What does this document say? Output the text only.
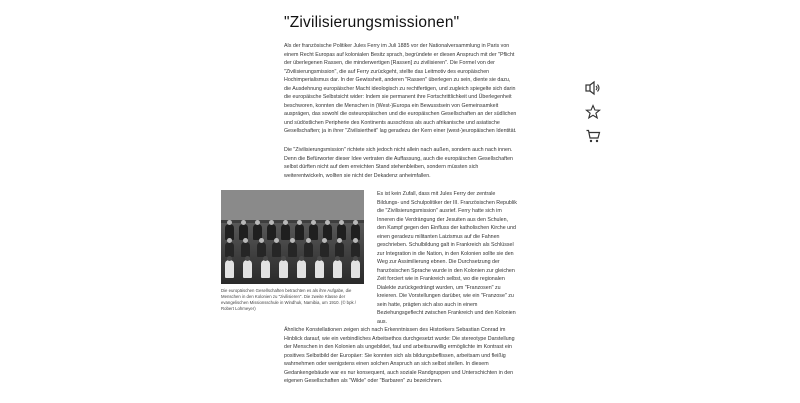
"Zivilisierungsmissionen"

Als der französische Politiker Jules Ferry im Juli 1885 vor der Nationalversammlung in Paris von einem Recht Europas auf kolonialen Besitz sprach, begründete er diesen Anspruch mit der "Pflicht der überlegenen Rassen, die minderwertigen [Rassen] zu zivilisieren". Die Formel von der "Zivilisierungsmission", die auf Ferry zurückgeht, stellte das Leitmotiv des europäischen Hochimperialismus dar. In der Gewissheit, anderen "Rassen" überlegen zu sein, diente sie dazu, die Ausdehnung europäischer Macht ideologisch zu rechtfertigen, und zugleich spiegelte sich darin die europäische Selbstsicht wider: Indem sie permanent ihre Fortschrittlichkeit und Überlegenheit beschworen, konnten die Menschen in (West-)Europa ein Bewusstsein von Gemeinsamkeit ausprägen, das sowohl die osteuropäischen und die europäischen Gesellschaften an der südlichen und südöstlichen Peripherie des Kontinents ausschloss als auch afrikanische und asiatische Gesellschaften; ja in ihrer "Zivilisiertheit" lag geradezu der Kern einer (west-)europäischen Identität.

Die "Zivilisierungsmission" richtete sich jedoch nicht allein nach außen, sondern auch nach innen. Denn die Befürworter dieser Idee vertraten die Auffassung, auch die europäischen Gesellschaften selbst dürften nicht auf dem erreichten Stand stehenbleiben, sondern müssten sich weiterentwickeln, wollten sie nicht der Dekadenz anheimfallen.

Die europäischen Gesellschaften betrachten es als ihre Aufgabe, die Menschen in den Kolonien zu "zivilisieren". Die zweite Klasse der evangelischen Missionsschule in Windhuk, Namibia, um 1910. (© bpk / Robert Lohmeyer)

Es ist kein Zufall, dass mit Jules Ferry der zentrale Bildungs- und Schulpolitiker der III. Französischen Republik die "Zivilisierungsmission" ausrief. Ferry hatte sich im Inneren die Verdrängung der Jesuiten aus den Schulen, den Kampf gegen den Einfluss der katholischen Kirche und einen geradezu militanten Laizismus auf die Fahnen geschrieben. Schulbildung galt in Frankreich als Schlüssel zur Integration in die Nation, in den Kolonien sollte sie den Weg zur Assimilierung ebnen. Die Durchsetzung der französischen Sprache wurde in den Kolonien zur gleichen Zeit forciert wie in Frankreich selbst, wo die regionalen Dialekte zurückgedrängt wurden, um "Franzosen" zu kreieren. Die Vorstellungen darüber, wie ein "Franzose" zu sein hatte, prägten sich also auch in einem Beziehungsgeflecht zwischen Frankreich und den Kolonien aus.

Ähnliche Konstellationen zeigen sich nach Erkenntnissen des Historikers Sebastian Conrad im Hinblick darauf, wie ein verbindliches Arbeitsethos durchgesetzt wurde: Die stereotype Darstellung der Menschen in den Kolonien als ungebildet, faul und arbeitsunwillig ermöglichte im Kontrast ein positives Selbstbild der Europäer: Sie konnten sich als bildungsbeflissen, arbeitsam und fleißig wahrnehmen oder wenigstens einen solchen Anspruch an sich selbst stellen. In diesem Gedankengebäude war es nur konsequent, auch soziale Randgruppen und Unterschichten in den eigenen Gesellschaften als "Wilde" oder "Barbaren" zu bezeichnen.
